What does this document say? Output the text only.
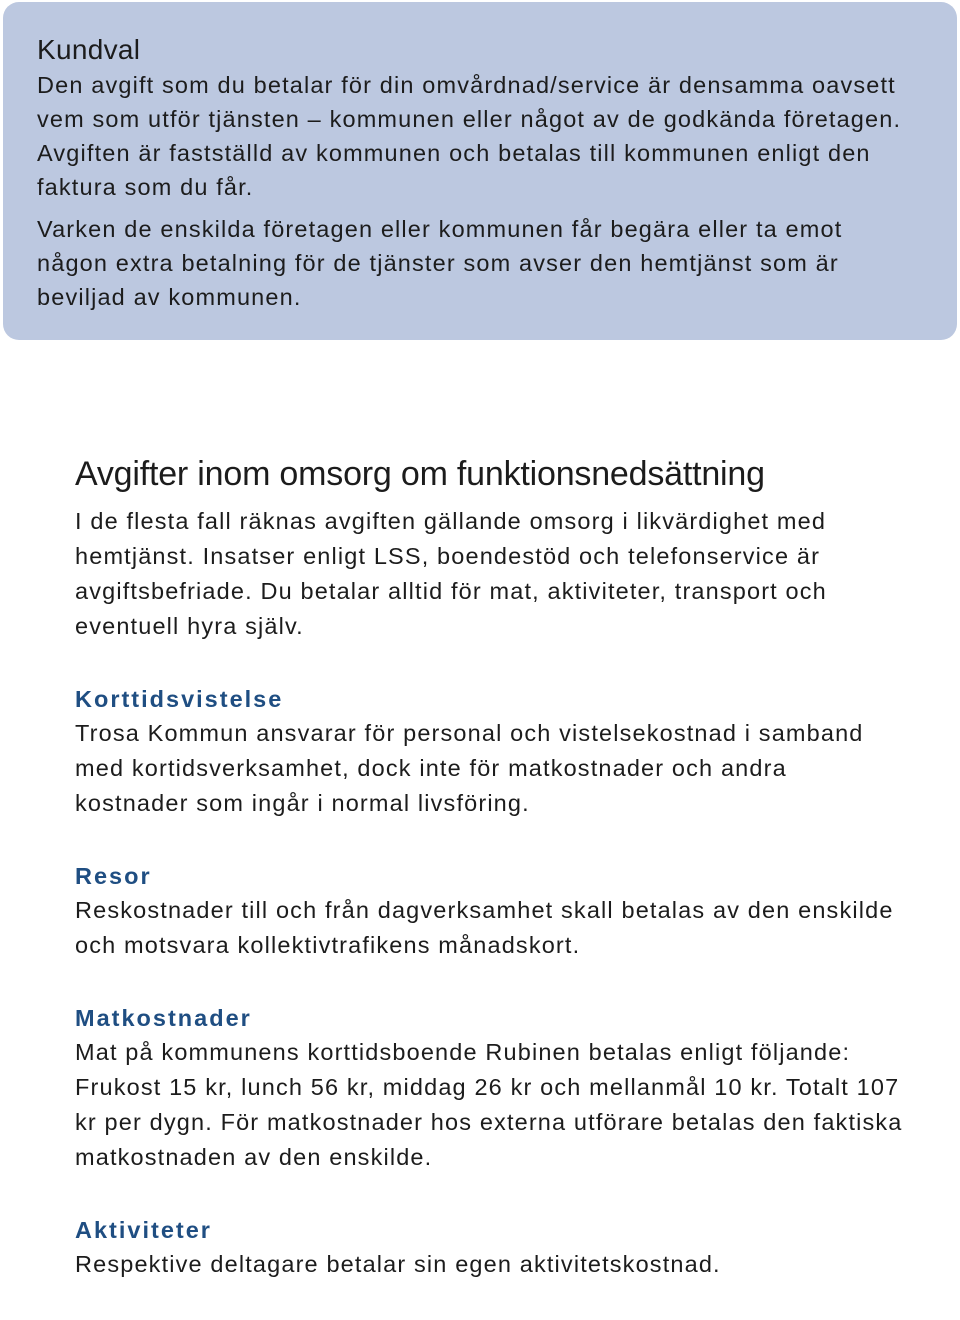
Kundval

Den avgift som du betalar för din omvårdnad/service är densamma oavsett vem som utför tjänsten – kommunen eller något av de godkända företagen. Avgiften är fastställd av kommunen och betalas till kommunen enligt den faktura som du får.

Varken de enskilda företagen eller kommunen får begära eller ta emot någon extra betalning för de tjänster som avser den hemtjänst som är beviljad av kommunen.

Avgifter inom omsorg om funktionsnedsättning

I de flesta fall räknas avgiften gällande omsorg i likvärdighet med hemtjänst. Insatser enligt LSS, boendestöd och telefonservice är avgiftsbefriade. Du betalar alltid för mat, aktiviteter, transport och eventuell hyra själv.

Korttidsvistelse

Trosa Kommun ansvarar för personal och vistelsekostnad i samband med kortidsverksamhet, dock inte för matkostnader och andra kostnader som ingår i normal livsföring.

Resor

Reskostnader till och från dagverksamhet skall betalas av den enskilde och motsvara kollektivtrafikens månadskort.

Matkostnader

Mat på kommunens korttidsboende Rubinen betalas enligt följande: Frukost 15 kr, lunch 56 kr, middag 26 kr och mellanmål 10 kr. Totalt 107 kr per dygn. För matkostnader hos externa utförare betalas den faktiska matkostnaden av den enskilde.

Aktiviteter

Respektive deltagare betalar sin egen aktivitetskostnad.
